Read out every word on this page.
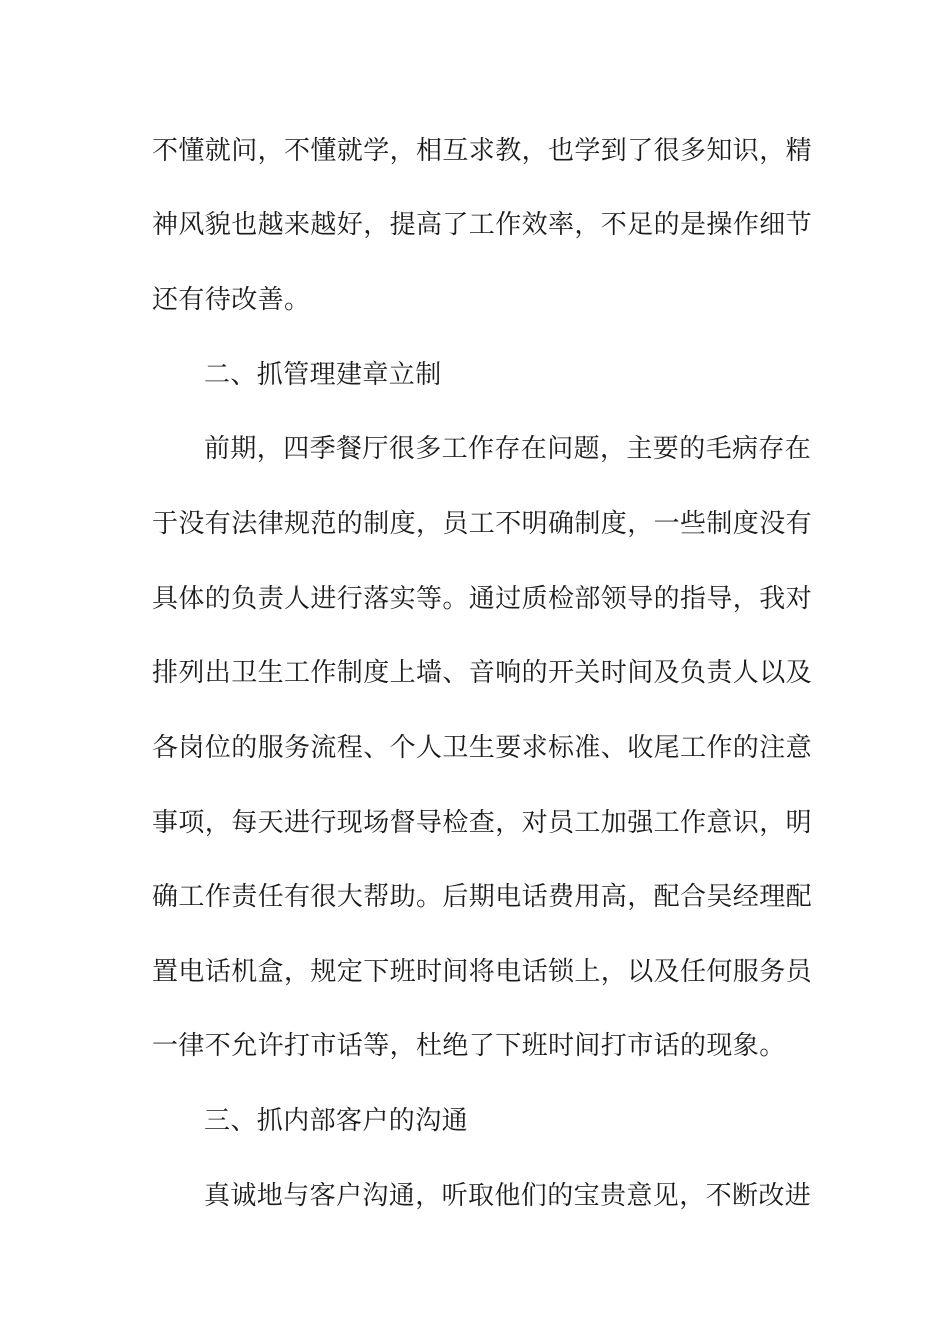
不懂就问，不懂就学，相互求教，也学到了很多知识，精

神风貌也越来越好，提高了工作效率，不足的是操作细节

还有待改善。

二、抓管理建章立制

前期，四季餐厅很多工作存在问题，主要的毛病存在

于没有法律规范的制度，员工不明确制度，一些制度没有

具体的负责人进行落实等。通过质检部领导的指导，我对

排列出卫生工作制度上墙、音响的开关时间及负责人以及

各岗位的服务流程、个人卫生要求标准、收尾工作的注意

事项，每天进行现场督导检查，对员工加强工作意识，明

确工作责任有很大帮助。后期电话费用高，配合吴经理配

置电话机盒，规定下班时间将电话锁上，以及任何服务员

一律不允许打市话等，杜绝了下班时间打市话的现象。

三、抓内部客户的沟通

真诚地与客户沟通，听取他们的宝贵意见，不断改进
